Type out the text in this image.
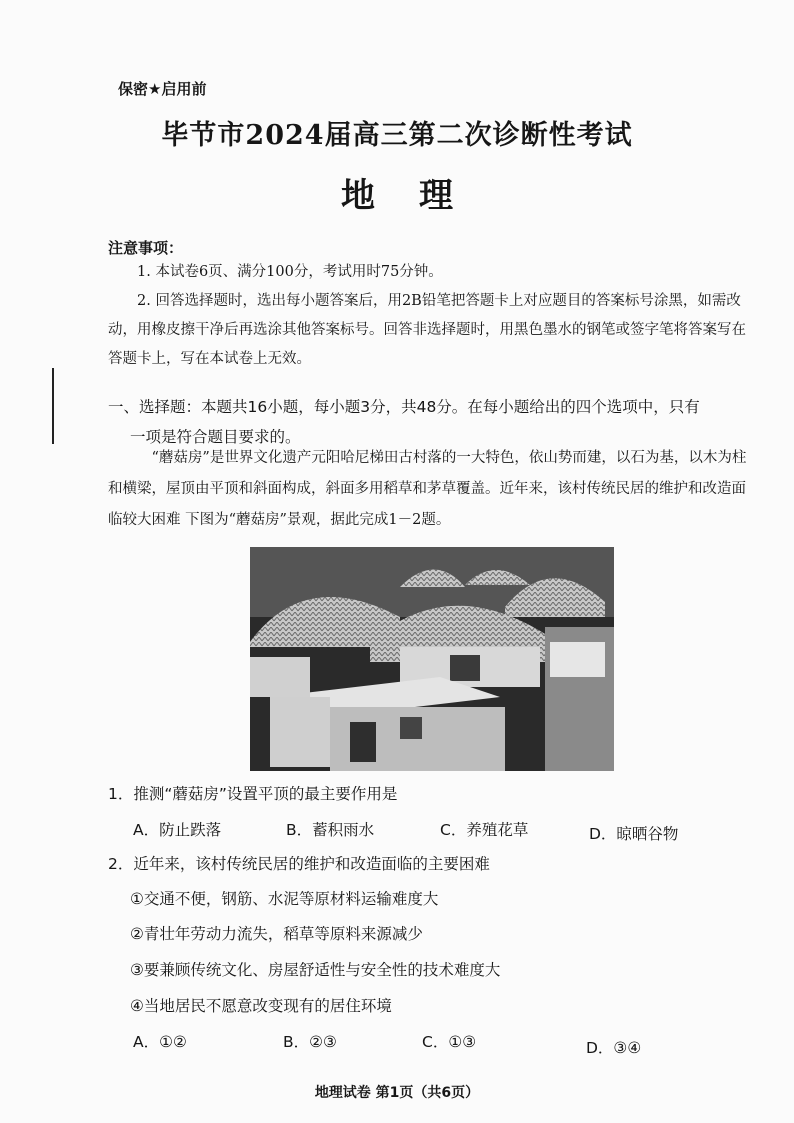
保密★启用前
毕节市2024届高三第二次诊断性考试
地 理
注意事项：
1. 本试卷6页、满分100分，考试用时75分钟。
2. 回答选择题时，选出每小题答案后，用2B铅笔把答题卡上对应题目的答案标号涂黑，如需改动，用橡皮擦干净后再选涂其他答案标号。回答非选择题时，用黑色墨水的钢笔或签字笔将答案写在答题卡上，写在本试卷上无效。
一、选择题：本题共16小题，每小题3分，共48分。在每小题给出的四个选项中，只有
一项是符合题目要求的。
“蘑菇房”是世界文化遗产元阳哈尼梯田古村落的一大特色，依山势而建，以石为基，以木为柱和横梁，屋顶由平顶和斜面构成，斜面多用稻草和茅草覆盖。近年来，该村传统民居的维护和改造面临较大困难 下图为“蘑菇房”景观，据此完成1－2题。
1．推测“蘑菇房”设置平顶的最主要作用是
A．防止跌落	B．蓄积雨水	C．养殖花草	D．晾晒谷物
2．近年来，该村传统民居的维护和改造面临的主要困难
①交通不便，钢筋、水泥等原材料运输难度大
②青壮年劳动力流失，稻草等原料来源减少
③要兼顾传统文化、房屋舒适性与安全性的技术难度大
④当地居民不愿意改变现有的居住环境
A．①②	B．②③	C．①③	D．③④
地理试卷 第1页（共6页）
